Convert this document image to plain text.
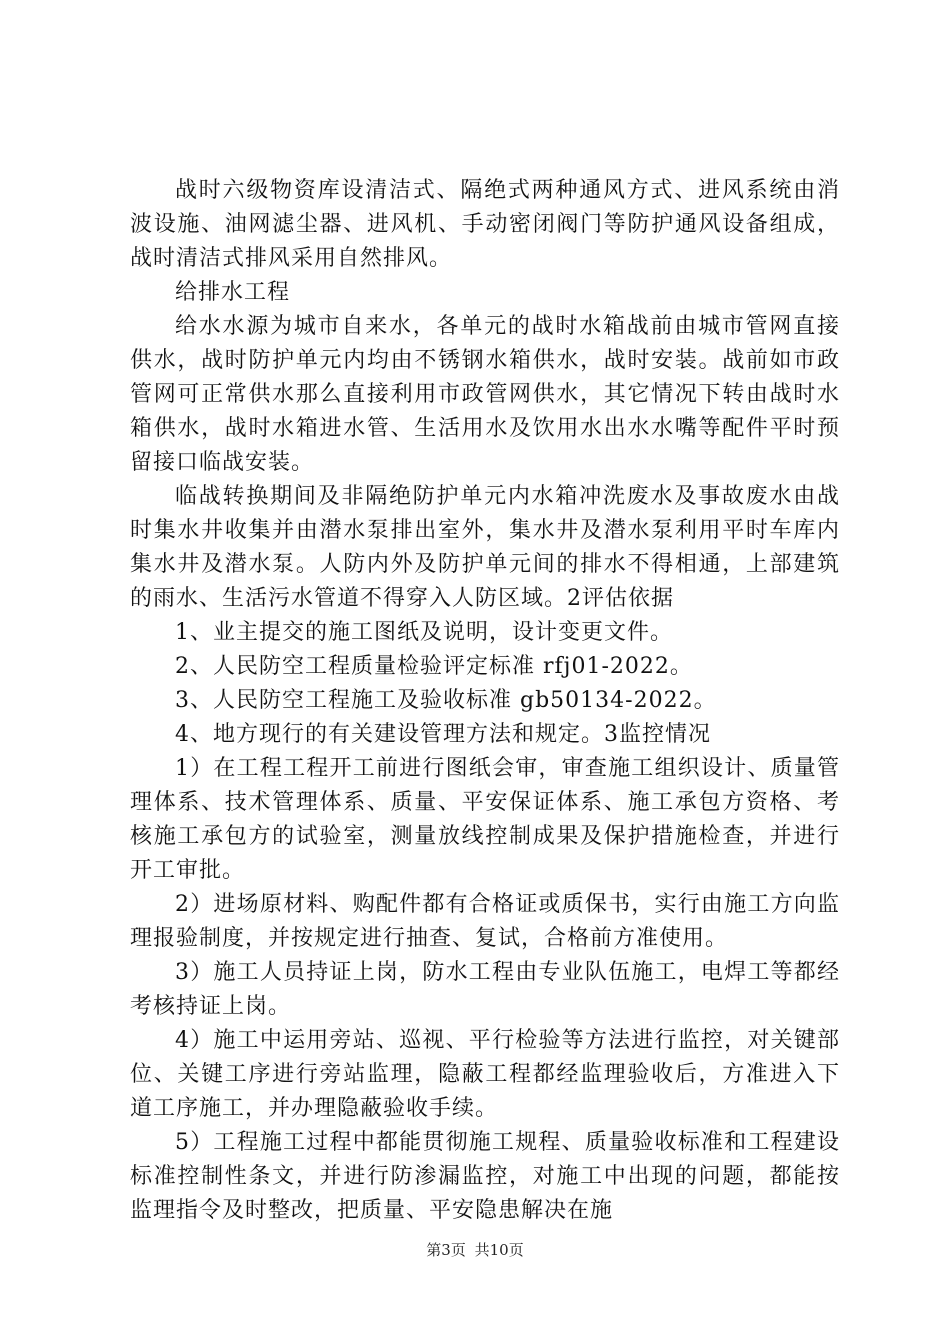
战时六级物资库设清洁式、隔绝式两种通风方式、进风系统由消波设施、油网滤尘器、进风机、手动密闭阀门等防护通风设备组成，战时清洁式排风采用自然排风。

给排水工程

给水水源为城市自来水，各单元的战时水箱战前由城市管网直接供水，战时防护单元内均由不锈钢水箱供水，战时安装。战前如市政管网可正常供水那么直接利用市政管网供水，其它情况下转由战时水箱供水，战时水箱进水管、生活用水及饮用水出水水嘴等配件平时预留接口临战安装。

临战转换期间及非隔绝防护单元内水箱冲洗废水及事故废水由战时集水井收集并由潜水泵排出室外，集水井及潜水泵利用平时车库内集水井及潜水泵。人防内外及防护单元间的排水不得相通，上部建筑的雨水、生活污水管道不得穿入人防区域。2评估依据

1、业主提交的施工图纸及说明，设计变更文件。

2、人民防空工程质量检验评定标准 rfj01-2022。

3、人民防空工程施工及验收标准 gb50134-2022。

4、地方现行的有关建设管理方法和规定。3监控情况

1）在工程工程开工前进行图纸会审，审查施工组织设计、质量管理体系、技术管理体系、质量、平安保证体系、施工承包方资格、考核施工承包方的试验室，测量放线控制成果及保护措施检查，并进行开工审批。

2）进场原材料、购配件都有合格证或质保书，实行由施工方向监理报验制度，并按规定进行抽查、复试，合格前方准使用。

3）施工人员持证上岗，防水工程由专业队伍施工，电焊工等都经考核持证上岗。

4）施工中运用旁站、巡视、平行检验等方法进行监控，对关键部位、关键工序进行旁站监理，隐蔽工程都经监理验收后，方准进入下道工序施工，并办理隐蔽验收手续。

5）工程施工过程中都能贯彻施工规程、质量验收标准和工程建设标准控制性条文，并进行防渗漏监控，对施工中出现的问题，都能按监理指令及时整改，把质量、平安隐患解决在施

第3页 共10页
